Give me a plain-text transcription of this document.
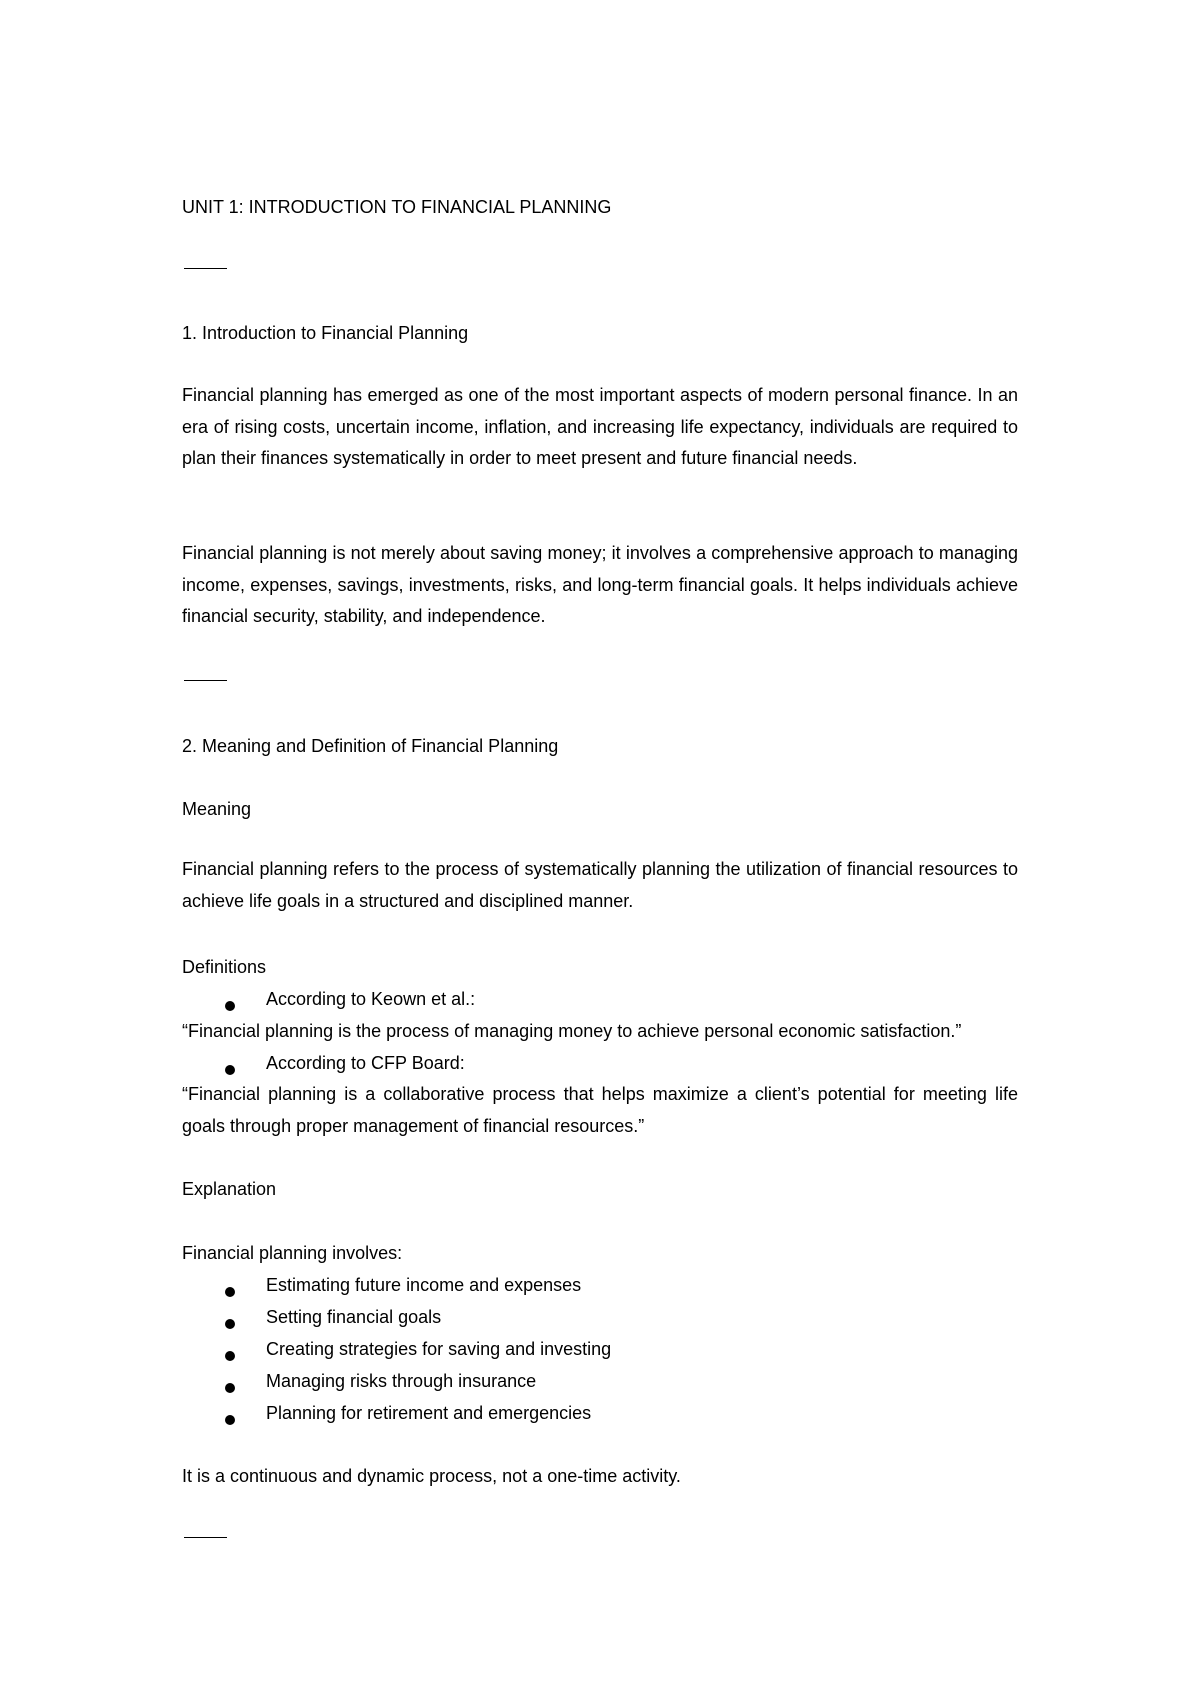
UNIT 1: INTRODUCTION TO FINANCIAL PLANNING
1. Introduction to Financial Planning
Financial planning has emerged as one of the most important aspects of modern personal finance. In an era of rising costs, uncertain income, inflation, and increasing life expectancy, individuals are required to plan their finances systematically in order to meet present and future financial needs.
Financial planning is not merely about saving money; it involves a comprehensive approach to managing income, expenses, savings, investments, risks, and long-term financial goals. It helps individuals achieve financial security, stability, and independence.
2. Meaning and Definition of Financial Planning
Meaning
Financial planning refers to the process of systematically planning the utilization of financial resources to achieve life goals in a structured and disciplined manner.
Definitions
According to Keown et al.:
“Financial planning is the process of managing money to achieve personal economic satisfaction.”
According to CFP Board:
“Financial planning is a collaborative process that helps maximize a client’s potential for meeting life goals through proper management of financial resources.”
Explanation
Financial planning involves:
Estimating future income and expenses
Setting financial goals
Creating strategies for saving and investing
Managing risks through insurance
Planning for retirement and emergencies
It is a continuous and dynamic process, not a one-time activity.
